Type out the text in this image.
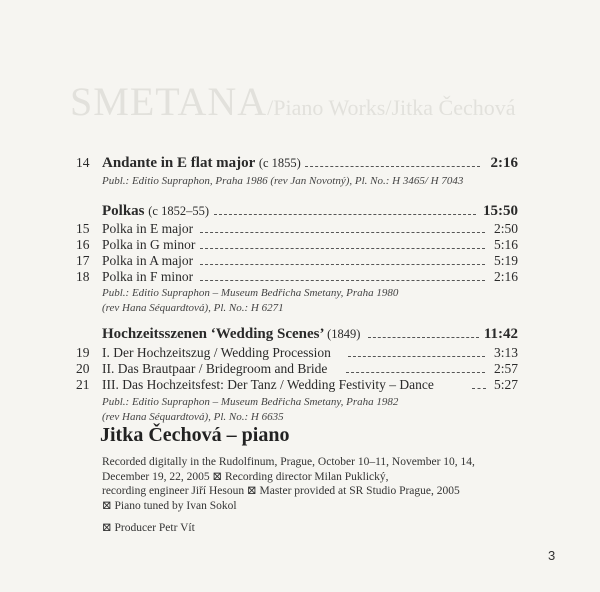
SMETANA/Piano Works/Jitka Čechová
14 Andante in E flat major (c 1855)	2:16
Publ.: Editio Supraphon, Praha 1986 (rev Jan Novotný), Pl. No.: H 3465/ H 7043
Polkas (c 1852–55)	15:50
15 Polka in E major	2:50
16 Polka in G minor	5:16
17 Polka in A major	5:19
18 Polka in F minor	2:16
Publ.: Editio Supraphon – Museum Bedřicha Smetany, Praha 1980
(rev Hana Séquardtová), Pl. No.: H 6271
Hochzeitsszenen ‘Wedding Scenes’ (1849)	11:42
19 I. Der Hochzeitszug / Wedding Procession	3:13
20 II. Das Brautpaar / Bridegroom and Bride	2:57
21 III. Das Hochzeitsfest: Der Tanz / Wedding Festivity – Dance	5:27
Publ.: Editio Supraphon – Museum Bedřicha Smetany, Praha 1982
(rev Hana Séquardtová), Pl. No.: H 6635
Jitka Čechová – piano
Recorded digitally in the Rudolfinum, Prague, October 10–11, November 10, 14,
December 19, 22, 2005 ⊠ Recording director Milan Puklický,
recording engineer Jiří Hesoun ⊠ Master provided at SR Studio Prague, 2005
⊠ Piano tuned by Ivan Sokol
⊠ Producer Petr Vít
3
